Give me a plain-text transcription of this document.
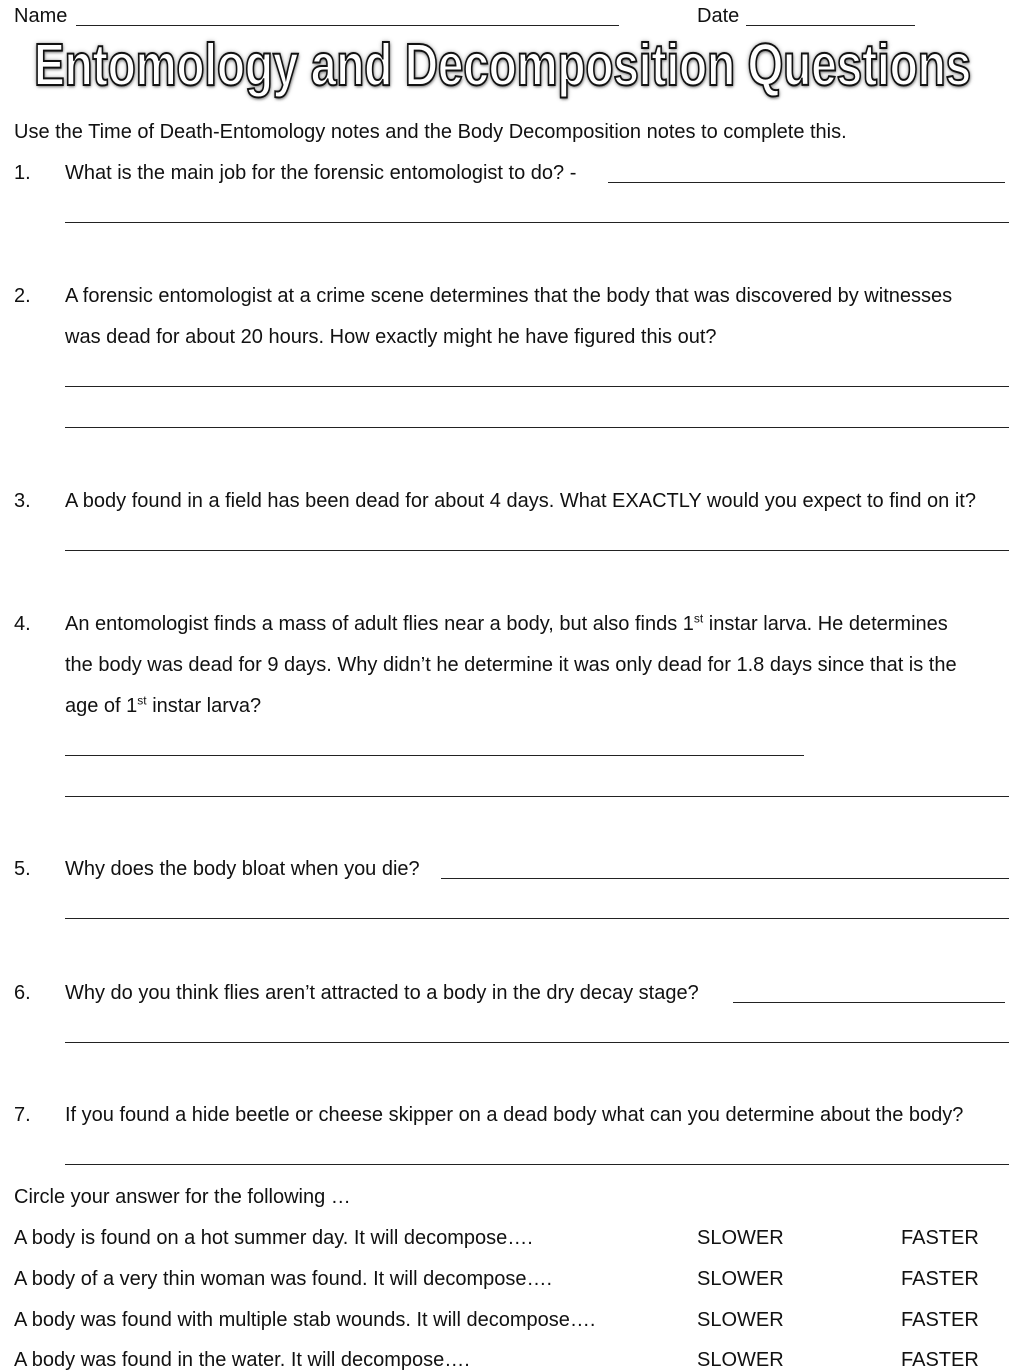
Name	Date
Entomology and Decomposition Questions
Use the Time of Death-Entomology notes and the Body Decomposition notes to complete this.
1. What is the main job for the forensic entomologist to do? -
2. A forensic entomologist at a crime scene determines that the body that was discovered by witnesses
was dead for about 20 hours. How exactly might he have figured this out?
3. A body found in a field has been dead for about 4 days. What EXACTLY would you expect to find on it?
4. An entomologist finds a mass of adult flies near a body, but also finds 1st instar larva. He determines
the body was dead for 9 days. Why didn’t he determine it was only dead for 1.8 days since that is the
age of 1st instar larva?
5. Why does the body bloat when you die?
6. Why do you think flies aren’t attracted to a body in the dry decay stage?
7. If you found a hide beetle or cheese skipper on a dead body what can you determine about the body?
Circle your answer for the following …
A body is found on a hot summer day. It will decompose….	SLOWER	FASTER
A body of a very thin woman was found. It will decompose….	SLOWER	FASTER
A body was found with multiple stab wounds. It will decompose….	SLOWER	FASTER
A body was found in the water. It will decompose….	SLOWER	FASTER
